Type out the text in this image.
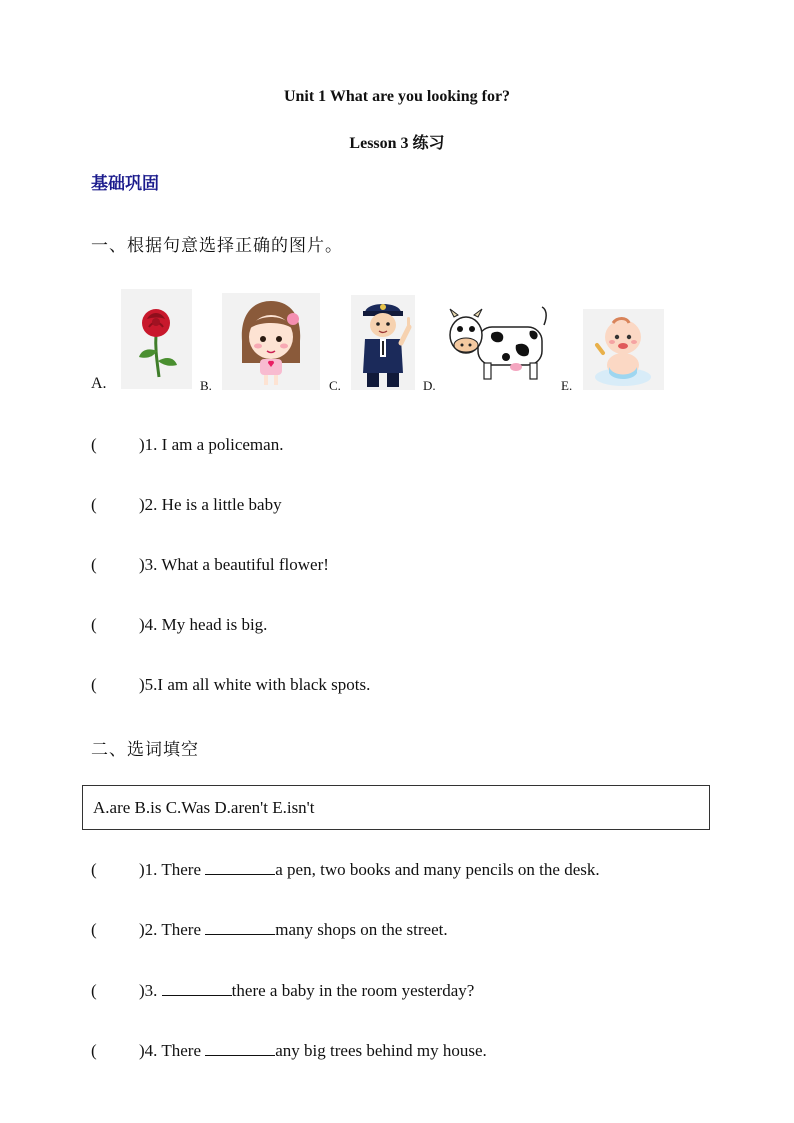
Unit 1 What are you looking for?
Lesson 3 练习
基础巩固
一、根据句意选择正确的图片。
A.	B.	C.	D.	E.
( )1. I am a policeman.
( )2. He is a little baby
( )3. What a beautiful flower!
( )4. My head is big.
( )5.I am all white with black spots.
二、选词填空
A.are B.is C.Was D.aren't E.isn't
( )1. There	a pen, two books and many pencils on the desk.
( )2. There	many shops on the street.
( )3.	there a baby in the room yesterday?
( )4. There	any big trees behind my house.
